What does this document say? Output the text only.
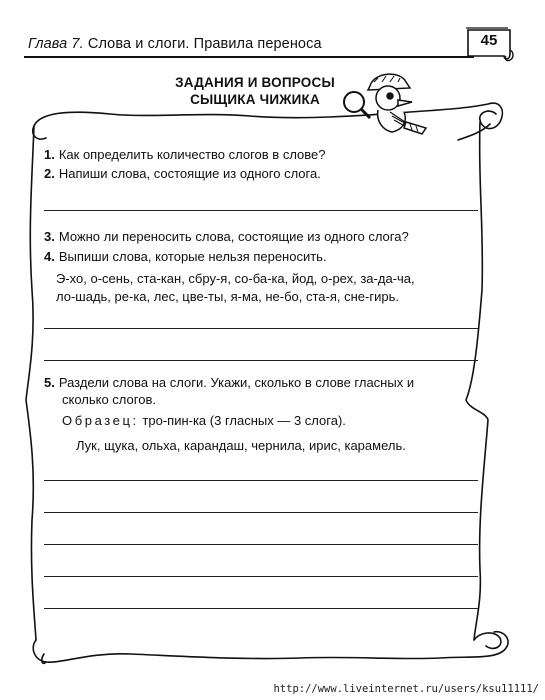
Глава 7. Слова и слоги. Правила переноса	45
ЗАДАНИЯ И ВОПРОСЫ
СЫЩИКА ЧИЖИКА
1. Как определить количество слогов в слове?
2. Напиши слова, состоящие из одного слога.
3. Можно ли переносить слова, состоящие из одного слога?
4. Выпиши слова, которые нельзя переносить.
Э-хо, о-сень, ста-кан, сбру-я, со-ба-ка, йод, о-рех, за-да-ча,
ло-шадь, ре-ка, лес, цве-ты, я-ма, не-бо, ста-я, сне-гирь.
5. Раздели слова на слоги. Укажи, сколько в слове гласных и
сколько слогов.
Образец: тро-пин-ка (3 гласных — 3 слога).
Лук, щука, ольха, карандаш, чернила, ирис, карамель.
http://www.liveinternet.ru/users/ksu11111/
